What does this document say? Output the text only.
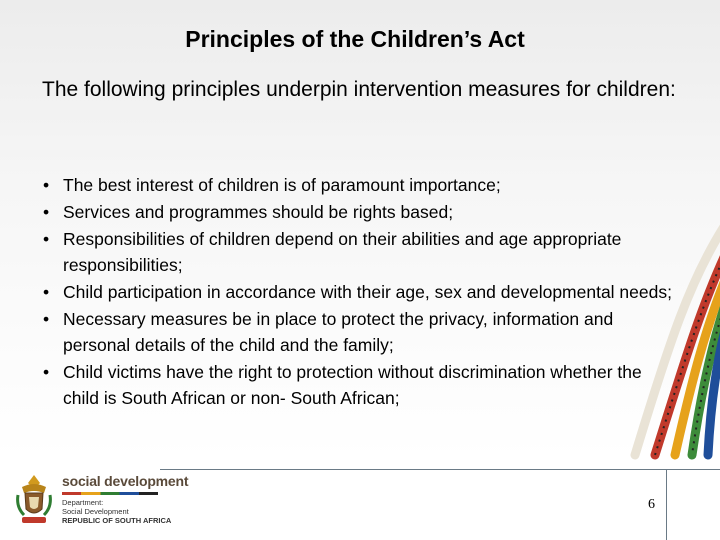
Principles of the Children’s Act
The following principles underpin intervention measures for children:
• The best interest of children is of paramount importance;
• Services and programmes should be rights based;
• Responsibilities of children depend on their abilities and age appropriate responsibilities;
• Child participation in accordance with their age, sex and developmental needs;
• Necessary measures be in place to protect the privacy, information and personal details of the child and the family;
• Child victims have the right to protection without discrimination whether the child is South African or non- South African;
social development
Department:
Social Development
REPUBLIC OF SOUTH AFRICA
6
